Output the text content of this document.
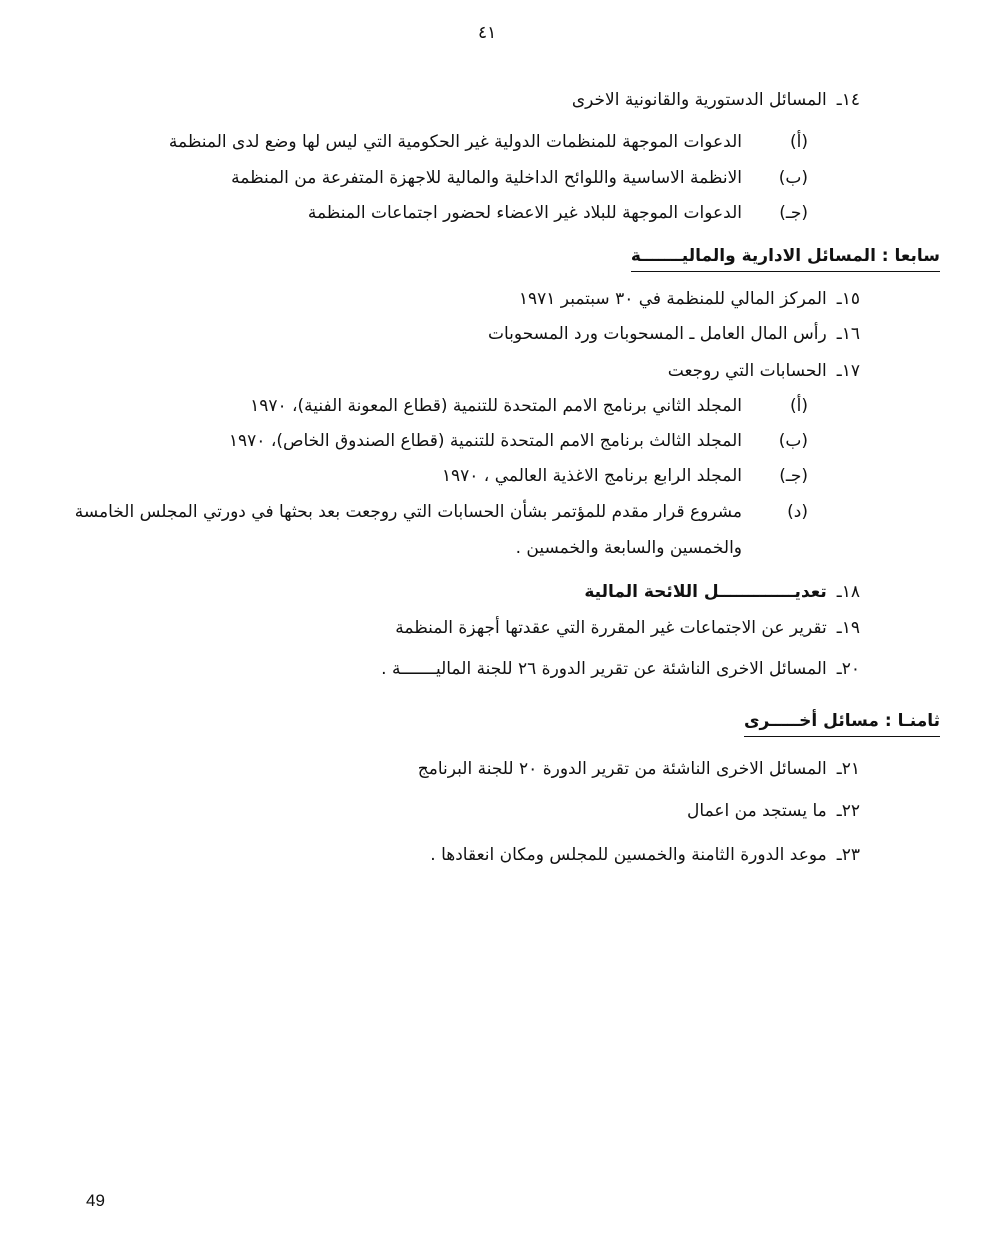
٤١
١٤ـالمسائل الدستورية والقانونية الاخرى
(أ)
الدعوات الموجهة للمنظمات الدولية غير الحكومية التي ليس لها وضع لدى المنظمة
(ب)
الانظمة الاساسية واللوائح الداخلية والمالية للاجهزة المتفرعة من المنظمة
(جـ)
الدعوات الموجهة للبلاد غير الاعضاء لحضور اجتماعات المنظمة
سابعا : المسائل الادارية والماليـــــــة
١٥ـالمركز المالي للمنظمة في ٣٠ سبتمبر ١٩٧١
١٦ـرأس المال العامل ـ المسحوبات ورد المسحوبات
١٧ـالحسابات التي روجعت
(أ)
المجلد الثاني برنامج الامم المتحدة للتنمية (قطاع المعونة الفنية)، ١٩٧٠
(ب)
المجلد الثالث برنامج الامم المتحدة للتنمية (قطاع الصندوق الخاص)، ١٩٧٠
(جـ)
المجلد الرابع برنامج الاغذية العالمي ، ١٩٧٠
(د)
مشروع قرار مقدم للمؤتمر بشأن الحسابات التي روجعت بعد بحثها في دورتي المجلس الخامسة
والخمسين والسابعة والخمسين .
١٨ـتعديـــــــــــــل اللائحة المالية
١٩ـتقرير عن الاجتماعات غير المقررة التي عقدتها أجهزة المنظمة
٢٠ـالمسائل الاخرى الناشئة عن تقرير الدورة ٢٦ للجنة الماليـــــــة .
ثامنـا : مسائل أخـــــرى
٢١ـالمسائل الاخرى الناشئة من تقرير الدورة ٢٠ للجنة البرنامج
٢٢ـما يستجد من اعمال
٢٣ـموعد الدورة الثامنة والخمسين للمجلس ومكان انعقادها .
49
